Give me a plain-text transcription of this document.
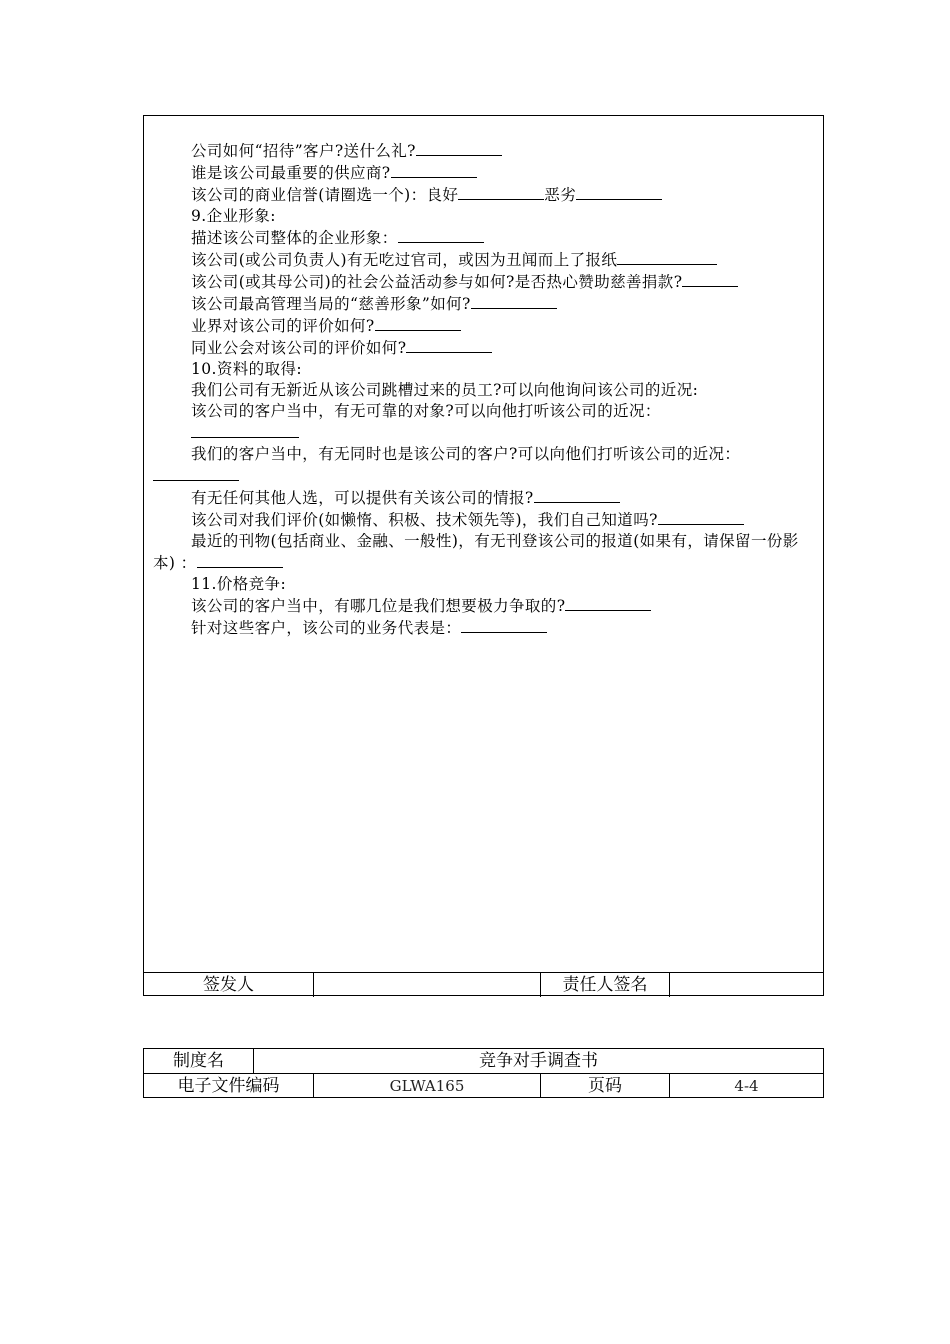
公司如何“招待”客户?送什么礼?

谁是该公司最重要的供应商?

该公司的商业信誉(请圈选一个)：良好	恶劣

9.企业形象:

描述该公司整体的企业形象：

该公司(或公司负责人)有无吃过官司，或因为丑闻而上了报纸

该公司(或其母公司)的社会公益活动参与如何?是否热心赞助慈善捐款?

该公司最高管理当局的“慈善形象”如何?

业界对该公司的评价如何?

同业公会对该公司的评价如何?

10.资料的取得:

我们公司有无新近从该公司跳槽过来的员工?可以向他询问该公司的近况:

该公司的客户当中，有无可靠的对象?可以向他打听该公司的近况：

我们的客户当中，有无同时也是该公司的客户?可以向他们打听该公司的近况：

有无任何其他人选，可以提供有关该公司的情报?

该公司对我们评价(如懒惰、积极、技术领先等)，我们自己知道吗?

最近的刊物(包括商业、金融、一般性)，有无刊登该公司的报道(如果有，请保留一份影本) ：

11.价格竞争:

该公司的客户当中，有哪几位是我们想要极力争取的?

针对这些客户，该公司的业务代表是：

签发人	责任人签名
制度名	竞争对手调查书
电子文件编码	GLWA165	页码	4-4
